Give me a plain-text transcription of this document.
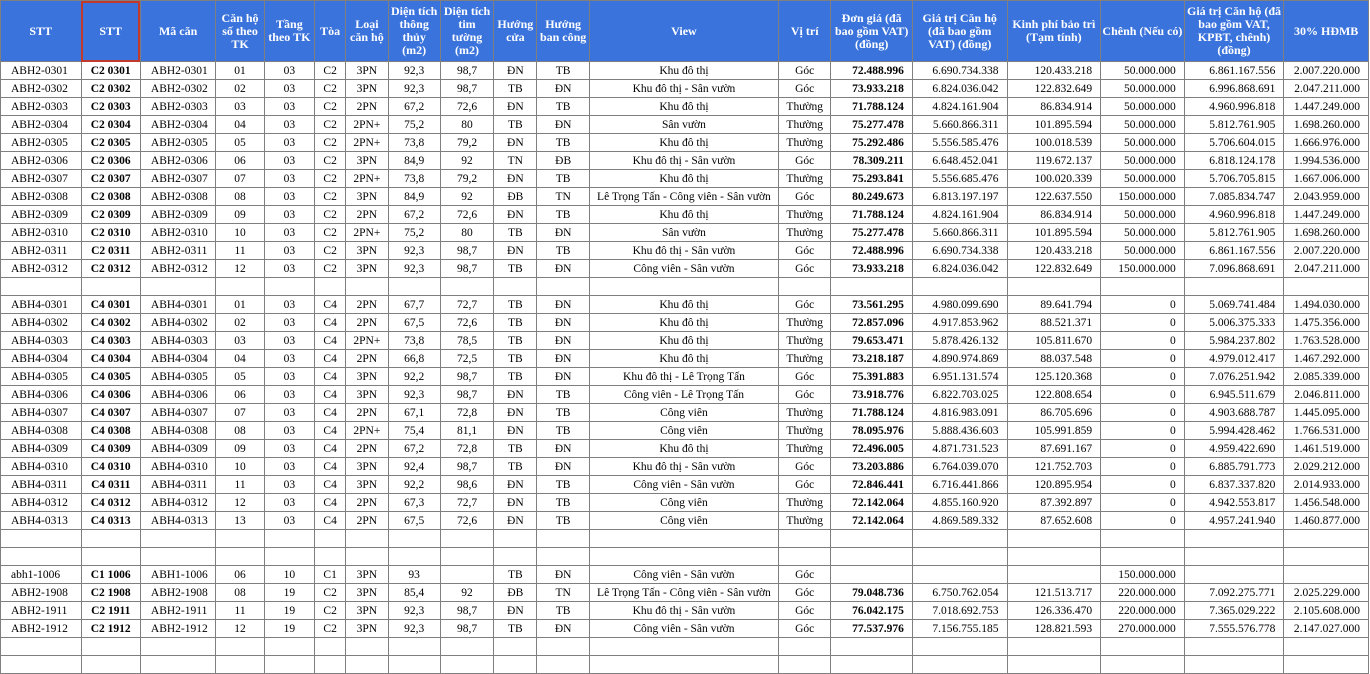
STT	STT	Mã căn	Căn hộ số theo TK	Tầng theo TK	Tòa	Loại căn hộ	Diện tích thông thủy (m2)	Diện tích tim tường (m2)	Hướng cửa	Hướng ban công	View	Vị trí	Đơn giá (đã bao gồm VAT) (đồng)	Giá trị Căn hộ (đã bao gồm VAT) (đồng)	Kinh phí bảo trì (Tạm tính)	Chênh (Nếu có)	Giá trị Căn hộ (đã bao gồm VAT, KPBT, chênh) (đồng)	30% HĐMB
ABH2-0301	C2 0301	ABH2-0301	01	03	C2	3PN	92,3	98,7	ĐN	TB	Khu đô thị	Góc	72.488.996	6.690.734.338	120.433.218	50.000.000	6.861.167.556	2.007.220.000
ABH2-0302	C2 0302	ABH2-0302	02	03	C2	3PN	92,3	98,7	TB	ĐN	Khu đô thị - Sân vườn	Góc	73.933.218	6.824.036.042	122.832.649	50.000.000	6.996.868.691	2.047.211.000
ABH2-0303	C2 0303	ABH2-0303	03	03	C2	2PN	67,2	72,6	ĐN	TB	Khu đô thị	Thường	71.788.124	4.824.161.904	86.834.914	50.000.000	4.960.996.818	1.447.249.000
ABH2-0304	C2 0304	ABH2-0304	04	03	C2	2PN+	75,2	80	TB	ĐN	Sân vườn	Thường	75.277.478	5.660.866.311	101.895.594	50.000.000	5.812.761.905	1.698.260.000
ABH2-0305	C2 0305	ABH2-0305	05	03	C2	2PN+	73,8	79,2	ĐN	TB	Khu đô thị	Thường	75.292.486	5.556.585.476	100.018.539	50.000.000	5.706.604.015	1.666.976.000
ABH2-0306	C2 0306	ABH2-0306	06	03	C2	3PN	84,9	92	TN	ĐB	Khu đô thị - Sân vườn	Góc	78.309.211	6.648.452.041	119.672.137	50.000.000	6.818.124.178	1.994.536.000
ABH2-0307	C2 0307	ABH2-0307	07	03	C2	2PN+	73,8	79,2	ĐN	TB	Khu đô thị	Thường	75.293.841	5.556.685.476	100.020.339	50.000.000	5.706.705.815	1.667.006.000
ABH2-0308	C2 0308	ABH2-0308	08	03	C2	3PN	84,9	92	ĐB	TN	Lê Trọng Tấn - Công viên - Sân vườn	Góc	80.249.673	6.813.197.197	122.637.550	150.000.000	7.085.834.747	2.043.959.000
ABH2-0309	C2 0309	ABH2-0309	09	03	C2	2PN	67,2	72,6	ĐN	TB	Khu đô thị	Thường	71.788.124	4.824.161.904	86.834.914	50.000.000	4.960.996.818	1.447.249.000
ABH2-0310	C2 0310	ABH2-0310	10	03	C2	2PN+	75,2	80	TB	ĐN	Sân vườn	Thường	75.277.478	5.660.866.311	101.895.594	50.000.000	5.812.761.905	1.698.260.000
ABH2-0311	C2 0311	ABH2-0311	11	03	C2	3PN	92,3	98,7	ĐN	TB	Khu đô thị - Sân vườn	Góc	72.488.996	6.690.734.338	120.433.218	50.000.000	6.861.167.556	2.007.220.000
ABH2-0312	C2 0312	ABH2-0312	12	03	C2	3PN	92,3	98,7	TB	ĐN	Công viên - Sân vườn	Góc	73.933.218	6.824.036.042	122.832.649	150.000.000	7.096.868.691	2.047.211.000

ABH4-0301	C4 0301	ABH4-0301	01	03	C4	2PN	67,7	72,7	TB	ĐN	Khu đô thị	Góc	73.561.295	4.980.099.690	89.641.794	0	5.069.741.484	1.494.030.000
ABH4-0302	C4 0302	ABH4-0302	02	03	C4	2PN	67,5	72,6	TB	ĐN	Khu đô thị	Thường	72.857.096	4.917.853.962	88.521.371	0	5.006.375.333	1.475.356.000
ABH4-0303	C4 0303	ABH4-0303	03	03	C4	2PN+	73,8	78,5	TB	ĐN	Khu đô thị	Thường	79.653.471	5.878.426.132	105.811.670	0	5.984.237.802	1.763.528.000
ABH4-0304	C4 0304	ABH4-0304	04	03	C4	2PN	66,8	72,5	TB	ĐN	Khu đô thị	Thường	73.218.187	4.890.974.869	88.037.548	0	4.979.012.417	1.467.292.000
ABH4-0305	C4 0305	ABH4-0305	05	03	C4	3PN	92,2	98,7	TB	ĐN	Khu đô thị - Lê Trọng Tấn	Góc	75.391.883	6.951.131.574	125.120.368	0	7.076.251.942	2.085.339.000
ABH4-0306	C4 0306	ABH4-0306	06	03	C4	3PN	92,3	98,7	ĐN	TB	Công viên - Lê Trọng Tấn	Góc	73.918.776	6.822.703.025	122.808.654	0	6.945.511.679	2.046.811.000
ABH4-0307	C4 0307	ABH4-0307	07	03	C4	2PN	67,1	72,8	ĐN	TB	Công viên	Thường	71.788.124	4.816.983.091	86.705.696	0	4.903.688.787	1.445.095.000
ABH4-0308	C4 0308	ABH4-0308	08	03	C4	2PN+	75,4	81,1	ĐN	TB	Công viên	Thường	78.095.976	5.888.436.603	105.991.859	0	5.994.428.462	1.766.531.000
ABH4-0309	C4 0309	ABH4-0309	09	03	C4	2PN	67,2	72,8	TB	ĐN	Khu đô thị	Thường	72.496.005	4.871.731.523	87.691.167	0	4.959.422.690	1.461.519.000
ABH4-0310	C4 0310	ABH4-0310	10	03	C4	3PN	92,4	98,7	TB	ĐN	Khu đô thị - Sân vườn	Góc	73.203.886	6.764.039.070	121.752.703	0	6.885.791.773	2.029.212.000
ABH4-0311	C4 0311	ABH4-0311	11	03	C4	3PN	92,2	98,6	ĐN	TB	Công viên - Sân vườn	Góc	72.846.441	6.716.441.866	120.895.954	0	6.837.337.820	2.014.933.000
ABH4-0312	C4 0312	ABH4-0312	12	03	C4	2PN	67,3	72,7	ĐN	TB	Công viên	Thường	72.142.064	4.855.160.920	87.392.897	0	4.942.553.817	1.456.548.000
ABH4-0313	C4 0313	ABH4-0313	13	03	C4	2PN	67,5	72,6	ĐN	TB	Công viên	Thường	72.142.064	4.869.589.332	87.652.608	0	4.957.241.940	1.460.877.000

abh1-1006	C1 1006	ABH1-1006	06	10	C1	3PN	93		TB	ĐN	Công viên - Sân vườn	Góc				150.000.000		
ABH2-1908	C2 1908	ABH2-1908	08	19	C2	3PN	85,4	92	ĐB	TN	Lê Trọng Tấn - Công viên - Sân vườn	Góc	79.048.736	6.750.762.054	121.513.717	220.000.000	7.092.275.771	2.025.229.000
ABH2-1911	C2 1911	ABH2-1911	11	19	C2	3PN	92,3	98,7	ĐN	TB	Khu đô thị - Sân vườn	Góc	76.042.175	7.018.692.753	126.336.470	220.000.000	7.365.029.222	2.105.608.000
ABH2-1912	C2 1912	ABH2-1912	12	19	C2	3PN	92,3	98,7	TB	ĐN	Công viên - Sân vườn	Góc	77.537.976	7.156.755.185	128.821.593	270.000.000	7.555.576.778	2.147.027.000
